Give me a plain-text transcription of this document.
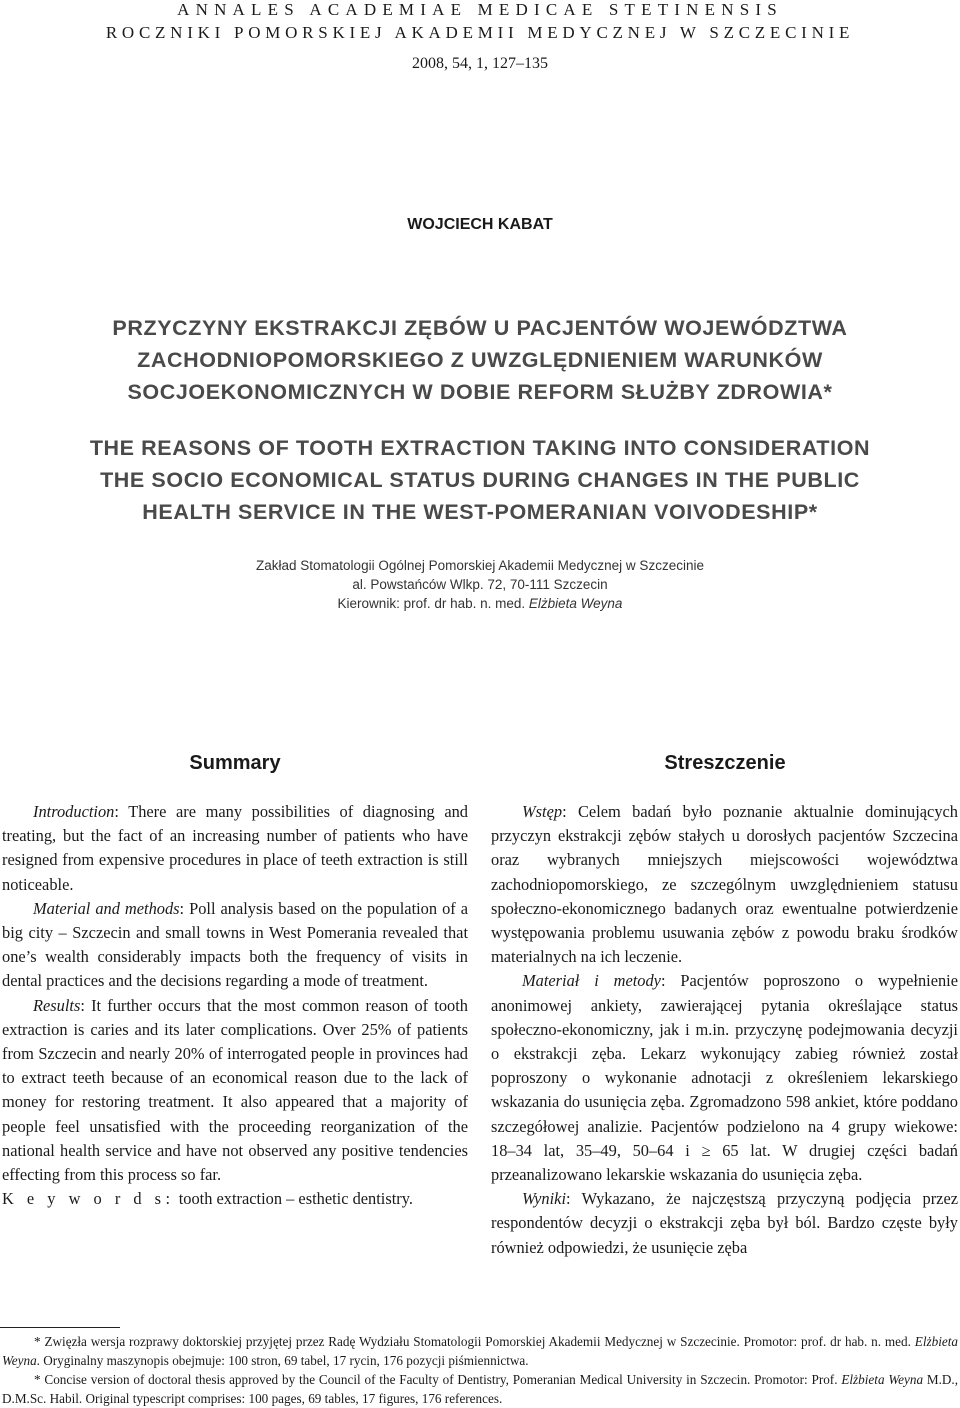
ANNALES ACADEMIAE MEDICAE STETINENSIS
ROCZNIKI POMORSKIEJ AKADEMII MEDYCZNEJ W SZCZECINIE
2008, 54, 1, 127–135
WOJCIECH KABAT
PRZYCZYNY EKSTRAKCJI ZĘBÓW U PACJENTÓW WOJEWÓDZTWA
ZACHODNIOPOMORSKIEGO Z UWZGLĘDNIENIEM WARUNKÓW
SOCJOEKONOMICZNYCH W DOBIE REFORM SŁUŻBY ZDROWIA*
THE REASONS OF TOOTH EXTRACTION TAKING INTO CONSIDERATION
THE SOCIO ECONOMICAL STATUS DURING CHANGES IN THE PUBLIC
HEALTH SERVICE IN THE WEST-POMERANIAN VOIVODESHIP*
Zakład Stomatologii Ogólnej Pomorskiej Akademii Medycznej w Szczecinie
al. Powstańców Wlkp. 72, 70-111 Szczecin
Kierownik: prof. dr hab. n. med. Elżbieta Weyna
Summary	Streszczenie

Introduction: There are many possibilities of diagnosing and treating, but the fact of an increasing number of patients who have resigned from expensive procedures in place of teeth extraction is still noticeable.

Material and methods: Poll analysis based on the population of a big city – Szczecin and small towns in West Pomerania revealed that one’s wealth considerably impacts both the frequency of visits in dental practices and the decisions regarding a mode of treatment.

Results: It further occurs that the most common reason of tooth extraction is caries and its later complications. Over 25% of patients from Szczecin and nearly 20% of interrogated people in provinces had to extract teeth because of an economical reason due to the lack of money for restoring treatment. It also appeared that a majority of people feel unsatisfied with the proceeding reorganization of the national health service and have not observed any positive tendencies effecting from this process so far.

K e y w o r d s: tooth extraction – esthetic dentistry.

Wstęp: Celem badań było poznanie aktualnie dominujących przyczyn ekstrakcji zębów stałych u dorosłych pacjentów Szczecina oraz wybranych mniejszych miejscowości województwa zachodniopomorskiego, ze szczególnym uwzględnieniem statusu społeczno-ekonomicznego badanych oraz ewentualne potwierdzenie występowania problemu usuwania zębów z powodu braku środków materialnych na ich leczenie.

Materiał i metody: Pacjentów poproszono o wypełnienie anonimowej ankiety, zawierającej pytania określające status społeczno-ekonomiczny, jak i m.in. przyczynę podejmowania decyzji o ekstrakcji zęba. Lekarz wykonujący zabieg również został poproszony o wykonanie adnotacji z określeniem lekarskiego wskazania do usunięcia zęba. Zgromadzono 598 ankiet, które poddano szczegółowej analizie. Pacjentów podzielono na 4 grupy wiekowe: 18–34 lat, 35–49, 50–64 i ≥ 65 lat. W drugiej części badań przeanalizowano lekarskie wskazania do usunięcia zęba.

Wyniki: Wykazano, że najczęstszą przyczyną podjęcia przez respondentów decyzji o ekstrakcji zęba był ból. Bardzo częste były również odpowiedzi, że usunięcie zęba

* Zwięzła wersja rozprawy doktorskiej przyjętej przez Radę Wydziału Stomatologii Pomorskiej Akademii Medycznej w Szczecinie. Promotor: prof. dr hab. n. med. Elżbieta Weyna. Oryginalny maszynopis obejmuje: 100 stron, 69 tabel, 17 rycin, 176 pozycji piśmiennictwa.

* Concise version of doctoral thesis approved by the Council of the Faculty of Dentistry, Pomeranian Medical University in Szczecin. Promotor: Prof. Elżbieta Weyna M.D., D.M.Sc. Habil. Original typescript comprises: 100 pages, 69 tables, 17 figures, 176 references.
